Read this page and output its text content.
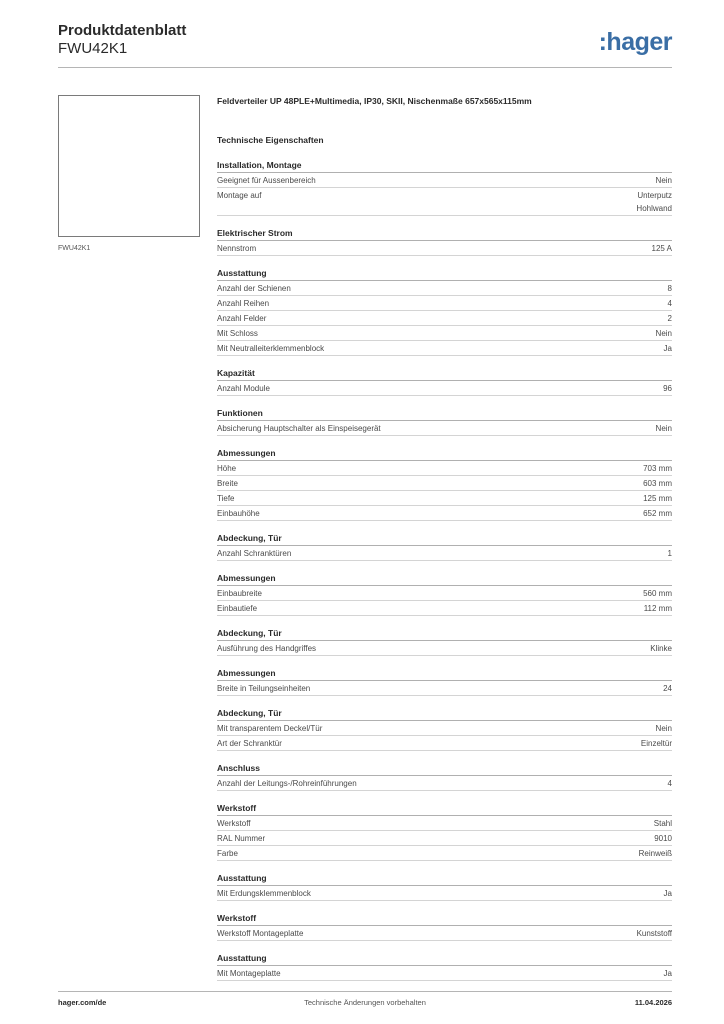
Produktdatenblatt
FWU42K1	:hager
FWU42K1
Feldverteiler UP 48PLE+Multimedia, IP30, SKII, Nischenmaße 657x565x115mm
Technische Eigenschaften
Installation, Montage
Geeignet für Aussenbereich	Nein
Montage auf	Unterputz
Hohlwand
Elektrischer Strom
Nennstrom	125 A
Ausstattung
Anzahl der Schienen	8
Anzahl Reihen	4
Anzahl Felder	2
Mit Schloss	Nein
Mit Neutralleiterklemmenblock	Ja
Kapazität
Anzahl Module	96
Funktionen
Absicherung Hauptschalter als Einspeisegerät	Nein
Abmessungen
Höhe	703 mm
Breite	603 mm
Tiefe	125 mm
Einbauhöhe	652 mm
Abdeckung, Tür
Anzahl Schranktüren	1
Abmessungen
Einbaubreite	560 mm
Einbautiefe	112 mm
Abdeckung, Tür
Ausführung des Handgriffes	Klinke
Abmessungen
Breite in Teilungseinheiten	24
Abdeckung, Tür
Mit transparentem Deckel/Tür	Nein
Art der Schranktür	Einzeltür
Anschluss
Anzahl der Leitungs-/Rohreinführungen	4
Werkstoff
Werkstoff	Stahl
RAL Nummer	9010
Farbe	Reinweiß
Ausstattung
Mit Erdungsklemmenblock	Ja
Werkstoff
Werkstoff Montageplatte	Kunststoff
Ausstattung
Mit Montageplatte	Ja
hager.com/de	Technische Änderungen vorbehalten	11.04.2026
